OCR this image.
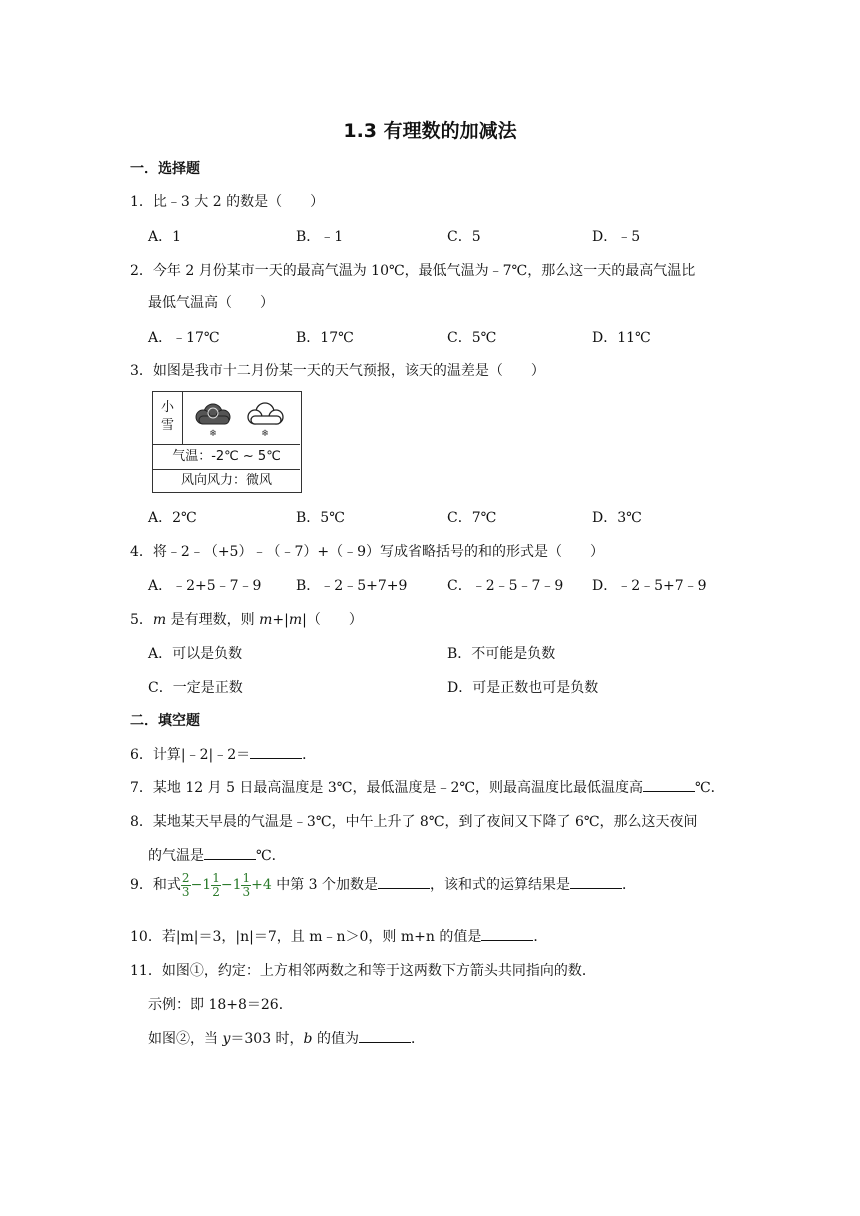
1.3 有理数的加减法
一．选择题
1．比﹣3 大 2 的数是（　　）
A．1	B．﹣1	C．5	D．﹣5
2．今年 2 月份某市一天的最高气温为 10℃，最低气温为﹣7℃，那么这一天的最高气温比
最低气温高（　　）
A．﹣17℃	B．17℃	C．5℃	D．11℃
3．如图是我市十二月份某一天的天气预报，该天的温差是（　　）
小
雪
❄	❄
气温：-2℃ ~ 5℃
风向风力：微风
A．2℃	B．5℃	C．7℃	D．3℃
4．将﹣2﹣（+5）﹣（﹣7）+（﹣9）写成省略括号的和的形式是（　　）
A．﹣2+5﹣7﹣9 B．﹣2﹣5+7+9	C．﹣2﹣5﹣7﹣9 D．﹣2﹣5+7﹣9
5．m 是有理数，则 m+|m|（　　）
A．可以是负数	B．不可能是负数
C．一定是正数	D．可是正数也可是负数
二．填空题
6．计算|﹣2|﹣2＝	．
7．某地 12 月 5 日最高温度是 3℃，最低温度是﹣2℃，则最高温度比最低温度高	℃．
8．某地某天早晨的气温是﹣3℃，中午上升了 8℃，到了夜间又下降了 6℃，那么这天夜间
的气温是	℃．
9．和式 $\frac{2}{3} -1 \frac{1}{2} -1 \frac{1}{3} +4$ 中第 3 个加数是	，该和式的运算结果是	．
10．若|m|＝3，|n|＝7，且 m﹣n＞0，则 m+n 的值是	．
11．如图①，约定：上方相邻两数之和等于这两数下方箭头共同指向的数．
示例：即 18+8＝26．
如图②，当 y＝303 时，b 的值为	．
